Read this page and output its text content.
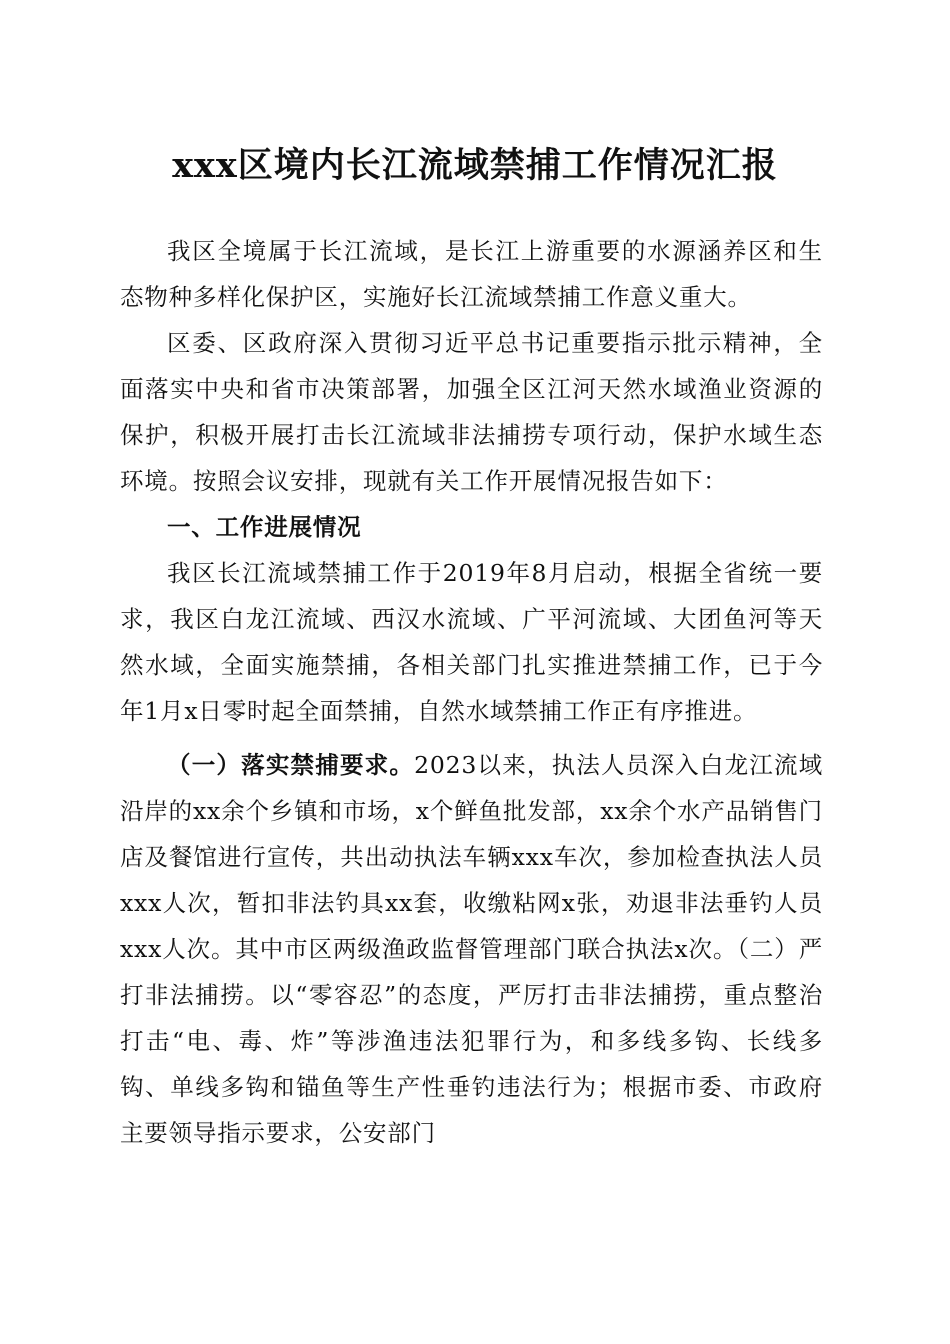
xxx区境内长江流域禁捕工作情况汇报

我区全境属于长江流域，是长江上游重要的水源涵养区和生态物种多样化保护区，实施好长江流域禁捕工作意义重大。

区委、区政府深入贯彻习近平总书记重要指示批示精神，全面落实中央和省市决策部署，加强全区江河天然水域渔业资源的保护，积极开展打击长江流域非法捕捞专项行动，保护水域生态环境。按照会议安排，现就有关工作开展情况报告如下：

一、工作进展情况

我区长江流域禁捕工作于2019年8月启动，根据全省统一要求，我区白龙江流域、西汉水流域、广平河流域、大团鱼河等天然水域，全面实施禁捕，各相关部门扎实推进禁捕工作，已于今年1月x日零时起全面禁捕，自然水域禁捕工作正有序推进。

（一）落实禁捕要求。2023以来，执法人员深入白龙江流域沿岸的xx余个乡镇和市场，x个鲜鱼批发部，xx余个水产品销售门店及餐馆进行宣传，共出动执法车辆xxx车次，参加检查执法人员xxx人次，暂扣非法钓具xx套，收缴粘网x张，劝退非法垂钓人员xxx人次。其中市区两级渔政监督管理部门联合执法x次。（二）严打非法捕捞。以“零容忍”的态度，严厉打击非法捕捞，重点整治打击“电、毒、炸”等涉渔违法犯罪行为，和多线多钩、长线多钩、单线多钩和锚鱼等生产性垂钓违法行为；根据市委、市政府主要领导指示要求，公安部门
